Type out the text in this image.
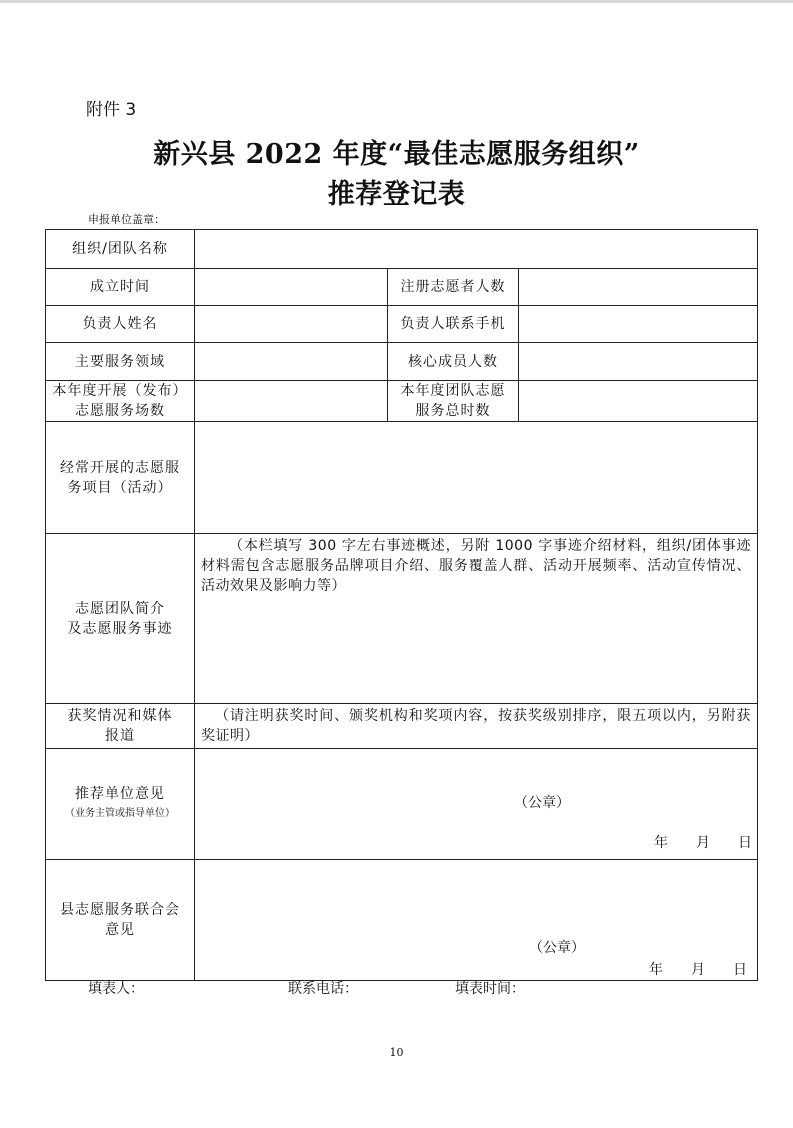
附件 3
新兴县 2022 年度“最佳志愿服务组织”
推荐登记表
申报单位盖章：
组织/团队名称			
成立时间		注册志愿者人数	
负责人姓名		负责人联系手机	
主要服务领域		核心成员人数	
本年度开展（发布）
志愿服务场数		本年度团队志愿
服务总时数	
经常开展的志愿服
务项目（活动）			
志愿团队简介
及志愿服务事迹	（本栏填写 300 字左右事迹概述，另附 1000 字事迹介绍材料，组织/团体事迹材料需包含志愿服务品牌项目介绍、服务覆盖人群、活动开展频率、活动宣传情况、活动效果及影响力等）		

获奖情况和媒体
报道	（请注明获奖时间、颁奖机构和奖项内容，按获奖级别排序，限五项以内，另附获奖证明）		

推荐单位意见
（业务主管或指导单位）	（公章）
年　　月　　日		

县志愿服务联合会
意见	（公章）
年　　月　　日		
填表人：	联系电话：	填表时间：
10
